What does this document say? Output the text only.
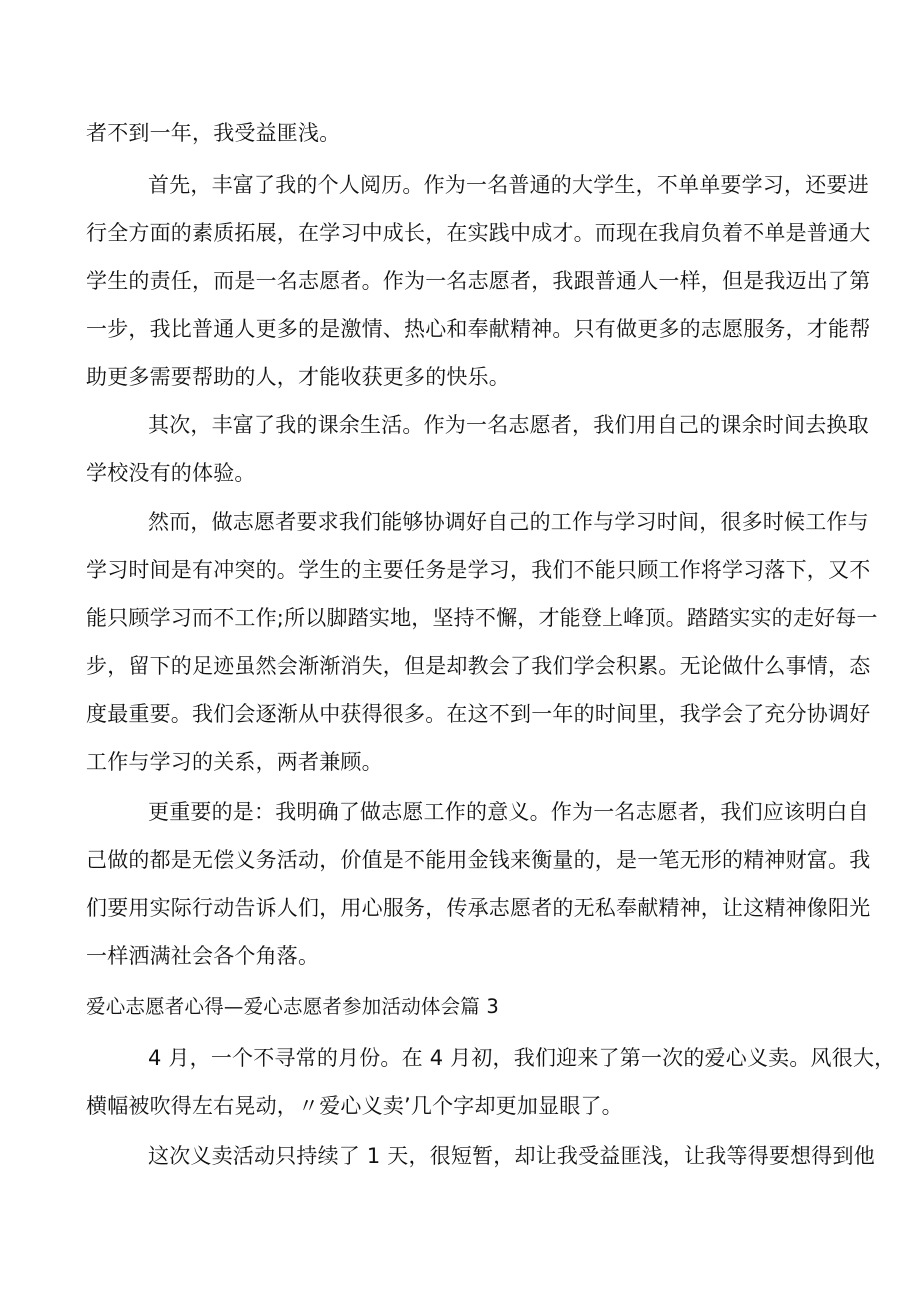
者不到一年，我受益匪浅。
首先，丰富了我的个人阅历。作为一名普通的大学生，不单单要学习，还要进
行全方面的素质拓展，在学习中成长，在实践中成才。而现在我肩负着不单是普通大
学生的责任，而是一名志愿者。作为一名志愿者，我跟普通人一样，但是我迈出了第
一步，我比普通人更多的是激情、热心和奉献精神。只有做更多的志愿服务，才能帮
助更多需要帮助的人，才能收获更多的快乐。
其次，丰富了我的课余生活。作为一名志愿者，我们用自己的课余时间去换取
学校没有的体验。
然而，做志愿者要求我们能够协调好自己的工作与学习时间，很多时候工作与
学习时间是有冲突的。学生的主要任务是学习，我们不能只顾工作将学习落下，又不
能只顾学习而不工作;所以脚踏实地，坚持不懈，才能登上峰顶。踏踏实实的走好每一
步，留下的足迹虽然会渐渐消失，但是却教会了我们学会积累。无论做什么事情，态
度最重要。我们会逐渐从中获得很多。在这不到一年的时间里，我学会了充分协调好
工作与学习的关系，两者兼顾。
更重要的是：我明确了做志愿工作的意义。作为一名志愿者，我们应该明白自
己做的都是无偿义务活动，价值是不能用金钱来衡量的，是一笔无形的精神财富。我
们要用实际行动告诉人们，用心服务，传承志愿者的无私奉献精神，让这精神像阳光
一样洒满社会各个角落。
爱心志愿者心得—爱心志愿者参加活动体会篇 3
4 月，一个不寻常的月份。在 4 月初，我们迎来了第一次的爱心义卖。风很大，
横幅被吹得左右晃动，〃爱心义卖’几个字却更加显眼了。
这次义卖活动只持续了 1 天，很短暂，却让我受益匪浅，让我等得要想得到他
